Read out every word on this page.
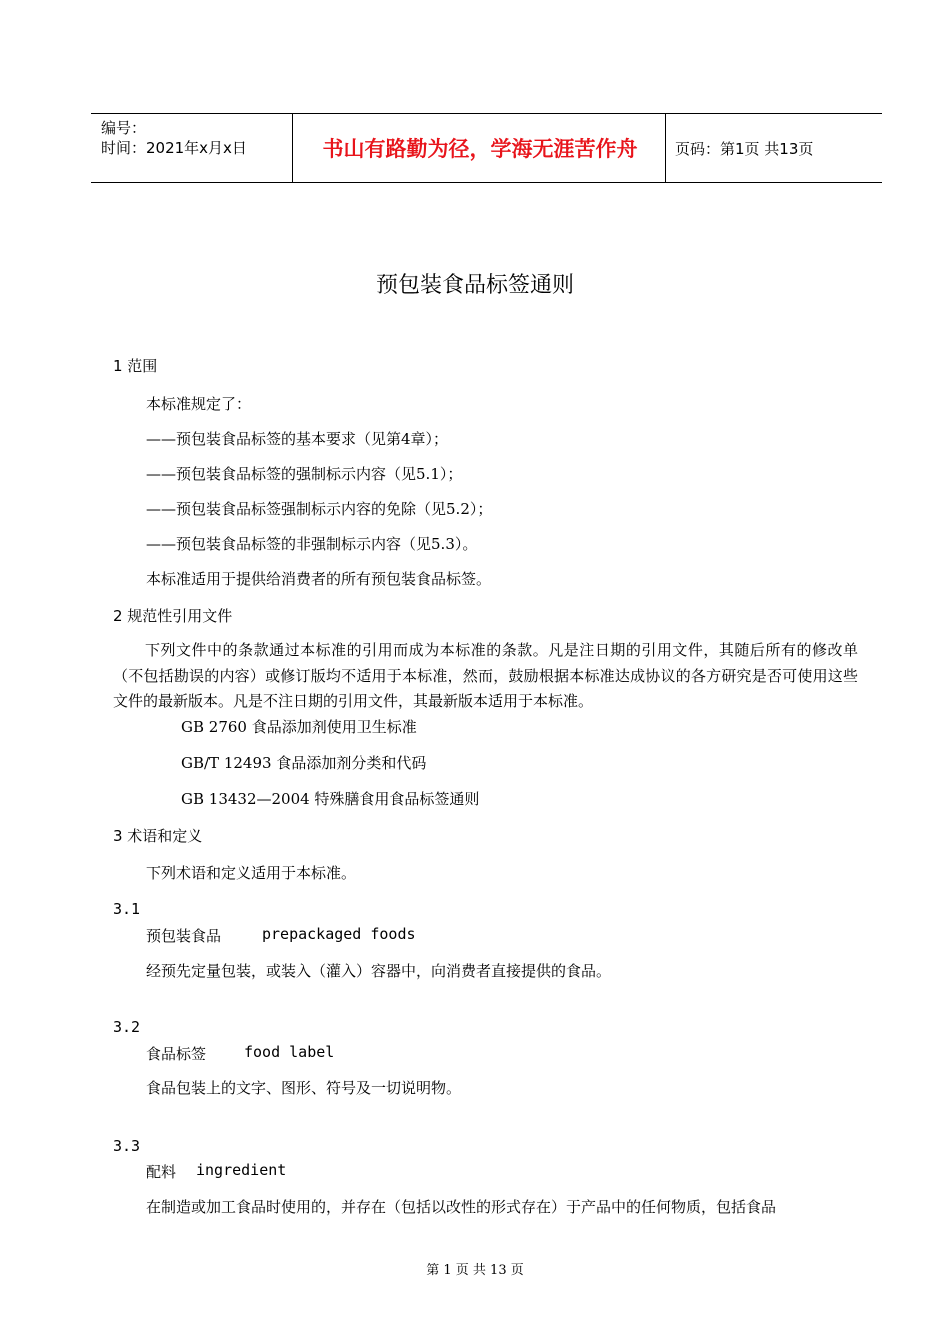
编号：
时间：2021年x月x日	书山有路勤为径，学海无涯苦作舟	页码：第1页 共13页
预包装食品标签通则
1 范围
本标准规定了：
——预包装食品标签的基本要求（见第4章）；
——预包装食品标签的强制标示内容（见5.1）；
——预包装食品标签强制标示内容的免除（见5.2）；
——预包装食品标签的非强制标示内容（见5.3）。
本标准适用于提供给消费者的所有预包装食品标签。
2 规范性引用文件
下列文件中的条款通过本标准的引用而成为本标准的条款。凡是注日期的引用文件，其随后所有的修改单（不包括勘误的内容）或修订版均不适用于本标准，然而，鼓励根据本标准达成协议的各方研究是否可使用这些文件的最新版本。凡是不注日期的引用文件，其最新版本适用于本标准。
GB 2760 食品添加剂使用卫生标准
GB/T 12493 食品添加剂分类和代码
GB 13432—2004 特殊膳食用食品标签通则
3 术语和定义
下列术语和定义适用于本标准。
3.1
预包装食品	prepackaged foods
经预先定量包装，或装入（灌入）容器中，向消费者直接提供的食品。
3.2
食品标签	food label
食品包装上的文字、图形、符号及一切说明物。
3.3
配料 ingredient
在制造或加工食品时使用的，并存在（包括以改性的形式存在）于产品中的任何物质，包括食品
第 1 页 共 13 页
